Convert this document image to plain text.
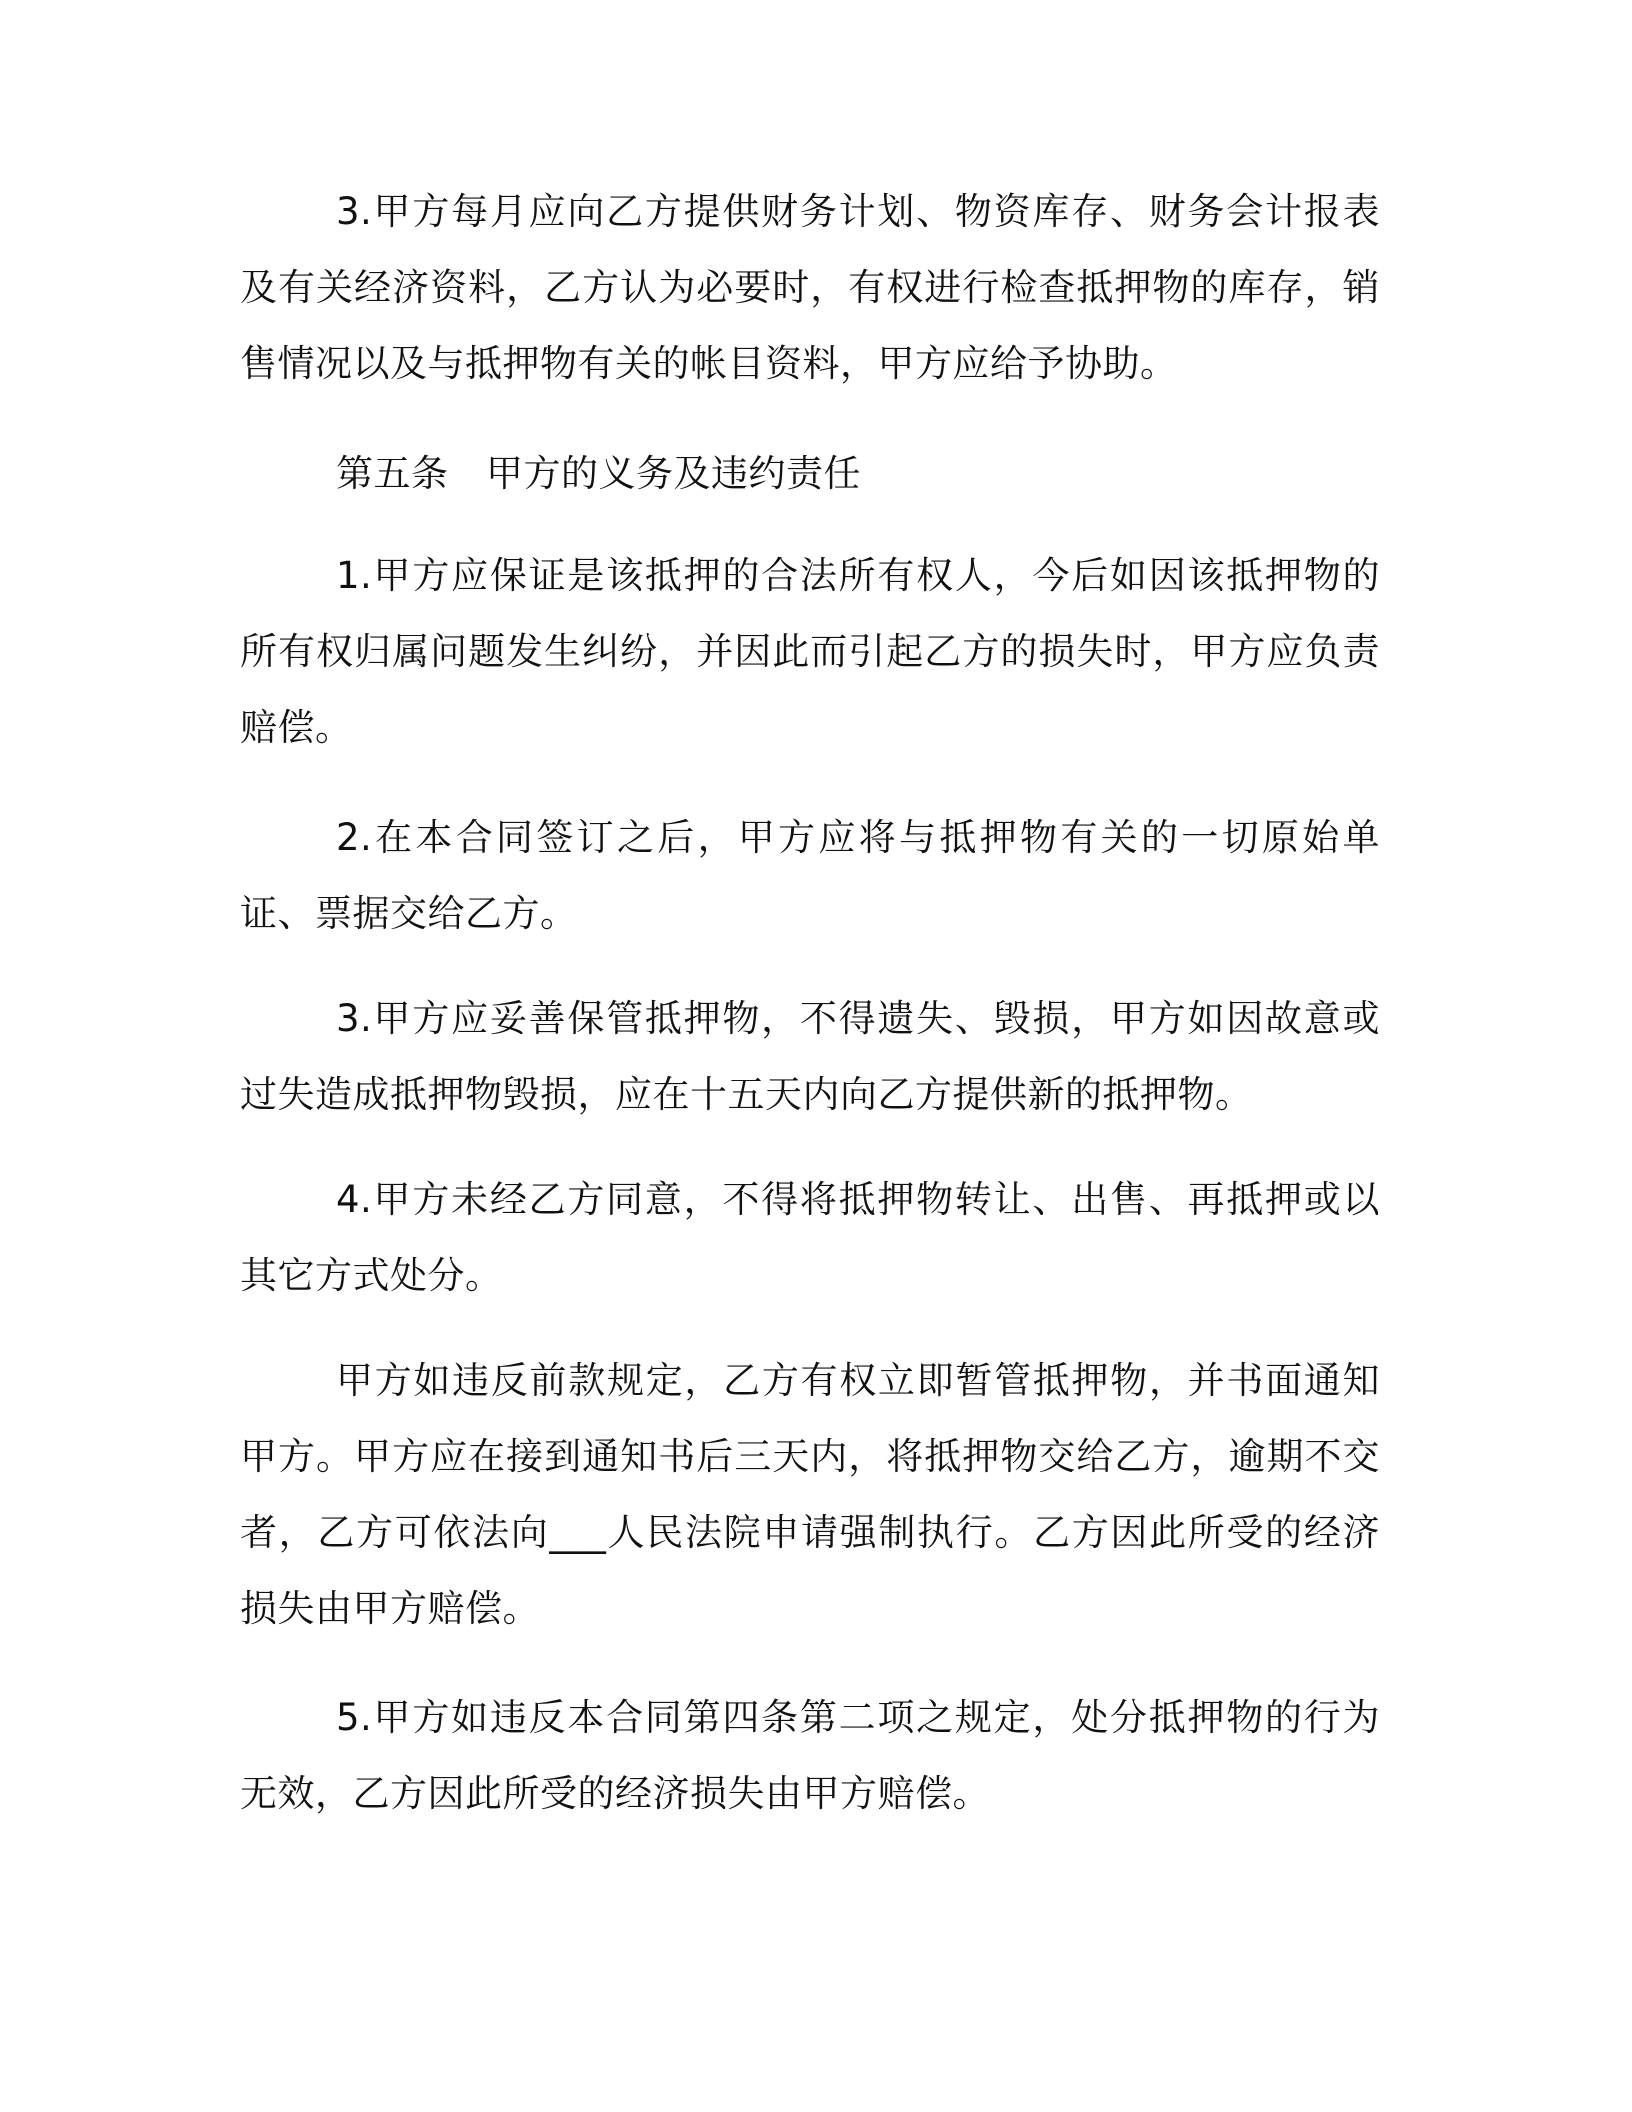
3.甲方每月应向乙方提供财务计划、物资库存、财务会计报表及有关经济资料，乙方认为必要时，有权进行检查抵押物的库存，销售情况以及与抵押物有关的帐目资料，甲方应给予协助。

第五条　甲方的义务及违约责任

1.甲方应保证是该抵押的合法所有权人，今后如因该抵押物的所有权归属问题发生纠纷，并因此而引起乙方的损失时，甲方应负责赔偿。

2.在本合同签订之后，甲方应将与抵押物有关的一切原始单证、票据交给乙方。

3.甲方应妥善保管抵押物，不得遗失、毁损，甲方如因故意或过失造成抵押物毁损，应在十五天内向乙方提供新的抵押物。

4.甲方未经乙方同意，不得将抵押物转让、出售、再抵押或以其它方式处分。

甲方如违反前款规定，乙方有权立即暂管抵押物，并书面通知甲方。甲方应在接到通知书后三天内，将抵押物交给乙方，逾期不交者，乙方可依法向___人民法院申请强制执行。乙方因此所受的经济损失由甲方赔偿。

5.甲方如违反本合同第四条第二项之规定，处分抵押物的行为无效，乙方因此所受的经济损失由甲方赔偿。
